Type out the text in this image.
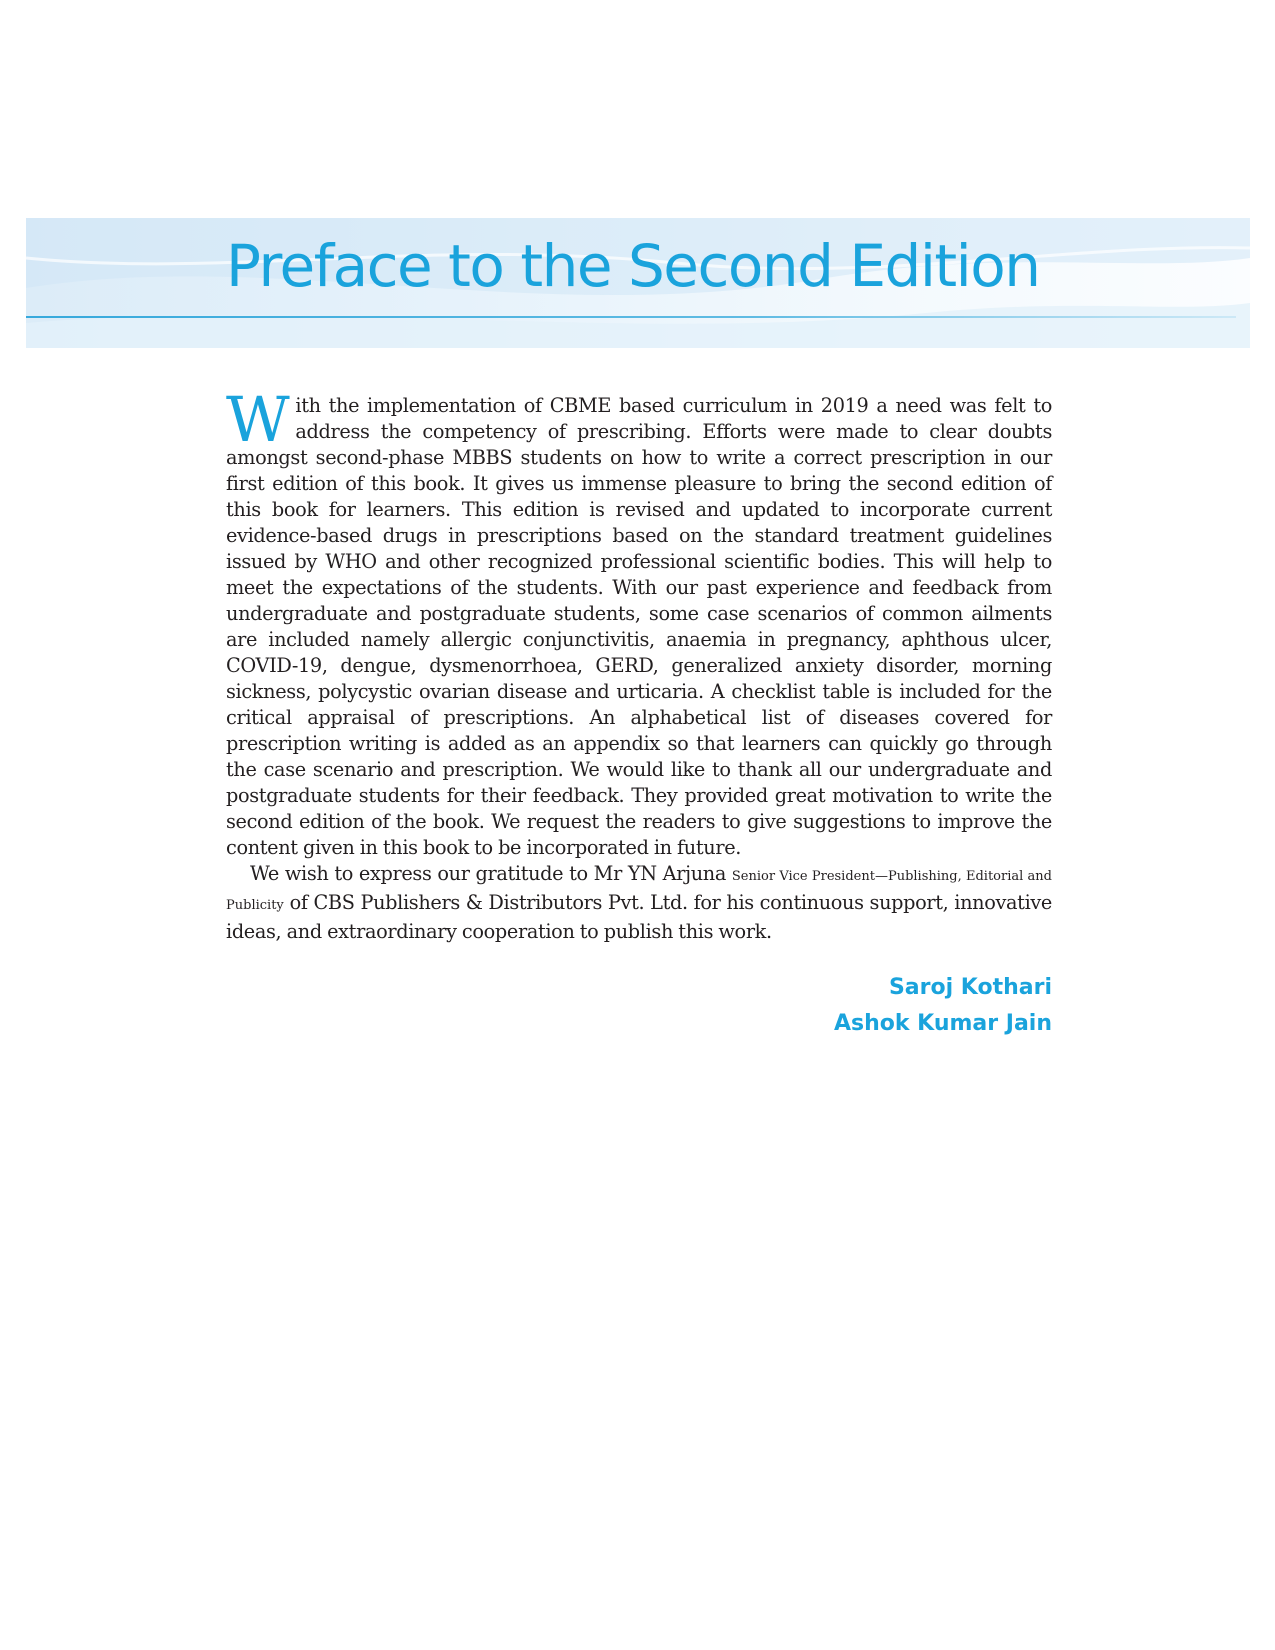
Preface to the Second Edition

With the implementation of CBME based curriculum in 2019 a need was felt to address the competency of prescribing. Efforts were made to clear doubts amongst second-phase MBBS students on how to write a correct prescription in our first edition of this book. It gives us immense pleasure to bring the second edition of this book for learners. This edition is revised and updated to incorporate current evidence-based drugs in prescriptions based on the standard treatment guidelines issued by WHO and other recognized professional scientific bodies. This will help to meet the expectations of the students. With our past experience and feedback from undergraduate and postgraduate students, some case scenarios of common ailments are included namely allergic conjunctivitis, anaemia in pregnancy, aphthous ulcer, COVID-19, dengue, dysmenorrhoea, GERD, generalized anxiety disorder, morning sickness, polycystic ovarian disease and urticaria. A checklist table is included for the critical appraisal of prescriptions. An alphabetical list of diseases covered for prescription writing is added as an appendix so that learners can quickly go through the case scenario and prescription. We would like to thank all our undergraduate and postgraduate students for their feedback. They provided great motivation to write the second edition of the book. We request the readers to give suggestions to improve the content given in this book to be incorporated in future.

We wish to express our gratitude to Mr YN Arjuna Senior Vice President—Publishing, Editorial and Publicity of CBS Publishers & Distributors Pvt. Ltd. for his continuous support, innovative ideas, and extraordinary cooperation to publish this work.

Saroj Kothari
Ashok Kumar Jain
